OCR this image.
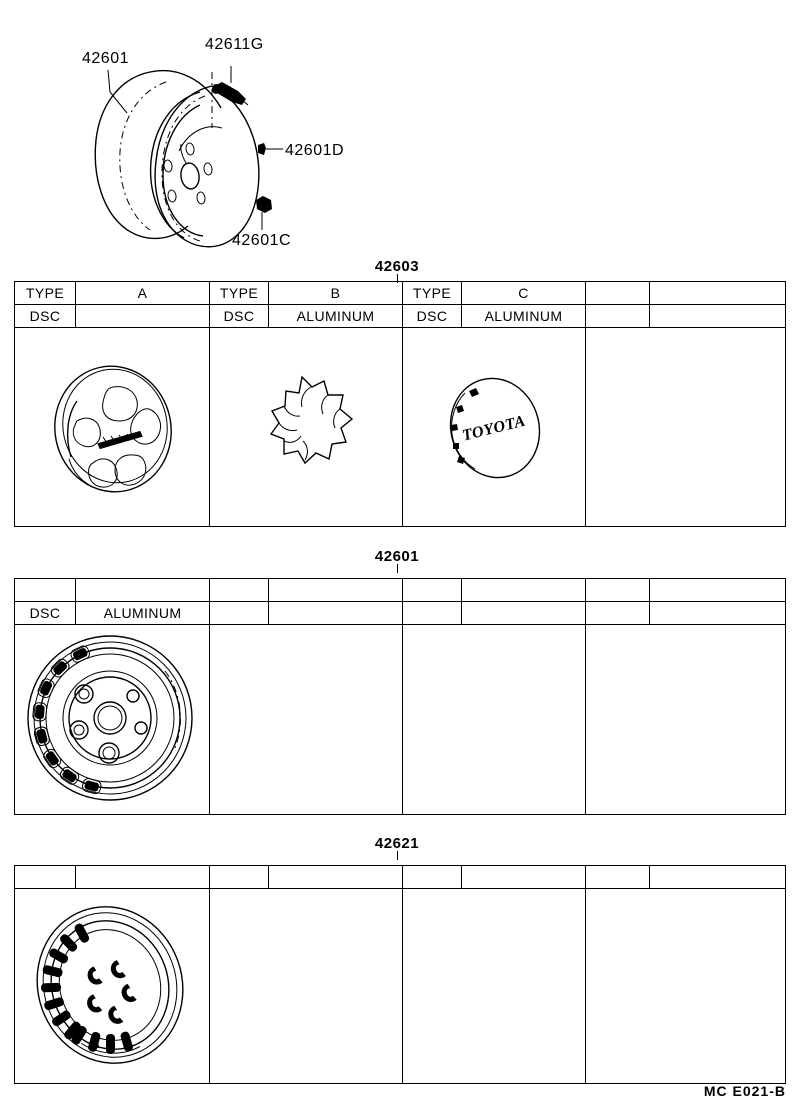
42601
42611G
42601D
42601C
42603
TYPE	A	TYPE	B	TYPE	C		
DSC		DSC	ALUMINUM	DSC	ALUMINUM		

TOYOTA			

42601

DSC	ALUMINUM						

42621

MC E021-B
